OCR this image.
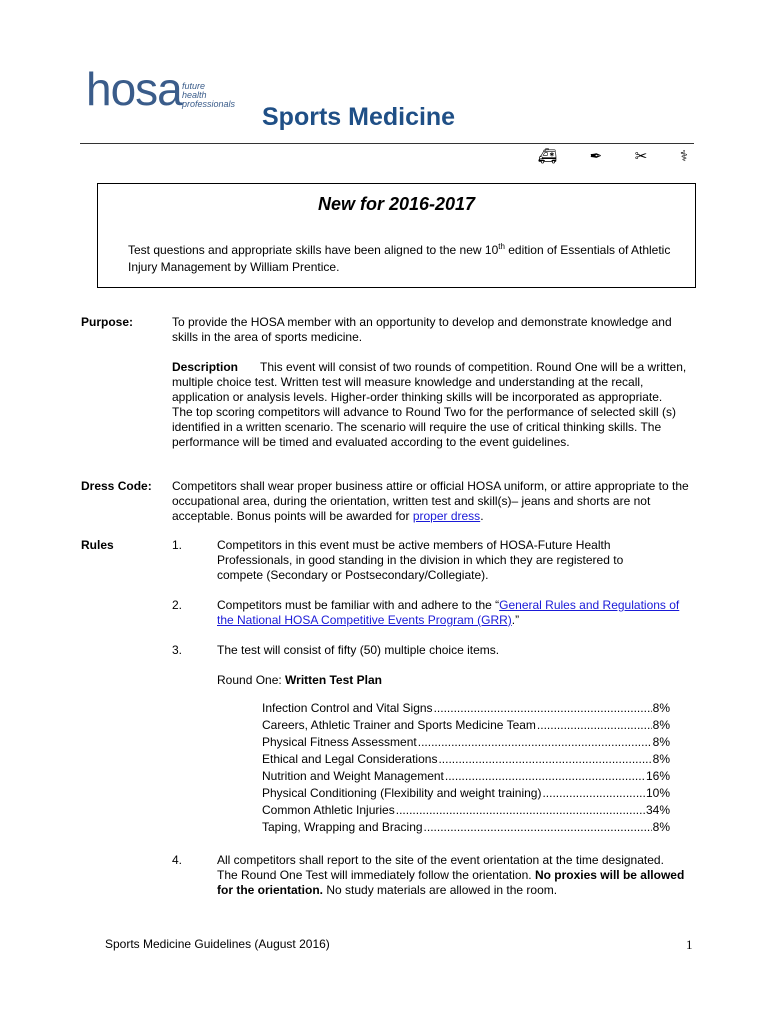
hosa future
health
professionals Sports Medicine
🚑︎ ✒ ✂ ⚕
New for 2016-2017
Test questions and appropriate skills have been aligned to the new 10th edition of Essentials of Athletic Injury Management by William Prentice.
Purpose:	To provide the HOSA member with an opportunity to develop and demonstrate knowledge and skills in the area of sports medicine.
Description This event will consist of two rounds of competition. Round One will be a written, multiple choice test. Written test will measure knowledge and understanding at the recall, application or analysis levels. Higher-order thinking skills will be incorporated as appropriate.
The top scoring competitors will advance to Round Two for the performance of selected skill (s) identified in a written scenario. The scenario will require the use of critical thinking skills. The performance will be timed and evaluated according to the event guidelines.
Dress Code: Competitors shall wear proper business attire or official HOSA uniform, or attire appropriate to the occupational area, during the orientation, written test and skill(s)– jeans and shorts are not acceptable. Bonus points will be awarded for proper dress.
Rules	1.	Competitors in this event must be active members of HOSA-Future Health Professionals, in good standing in the division in which they are registered to compete (Secondary or Postsecondary/Collegiate).
2.	Competitors must be familiar with and adhere to the “General Rules and Regulations of the National HOSA Competitive Events Program (GRR).”
3.	The test will consist of fifty (50) multiple choice items.
Round One: Written Test Plan
Infection Control and Vital Signs .....	8%
Careers, Athletic Trainer and Sports Medicine Team .....	8%
Physical Fitness Assessment .....	8%
Ethical and Legal Considerations .....	8%
Nutrition and Weight Management .....	16%
Physical Conditioning (Flexibility and weight training) .....	10%
Common Athletic Injuries .....	34%
Taping, Wrapping and Bracing .....	8%
4.	All competitors shall report to the site of the event orientation at the time designated. The Round One Test will immediately follow the orientation. No proxies will be allowed for the orientation. No study materials are allowed in the room.
Sports Medicine Guidelines (August 2016)	1
